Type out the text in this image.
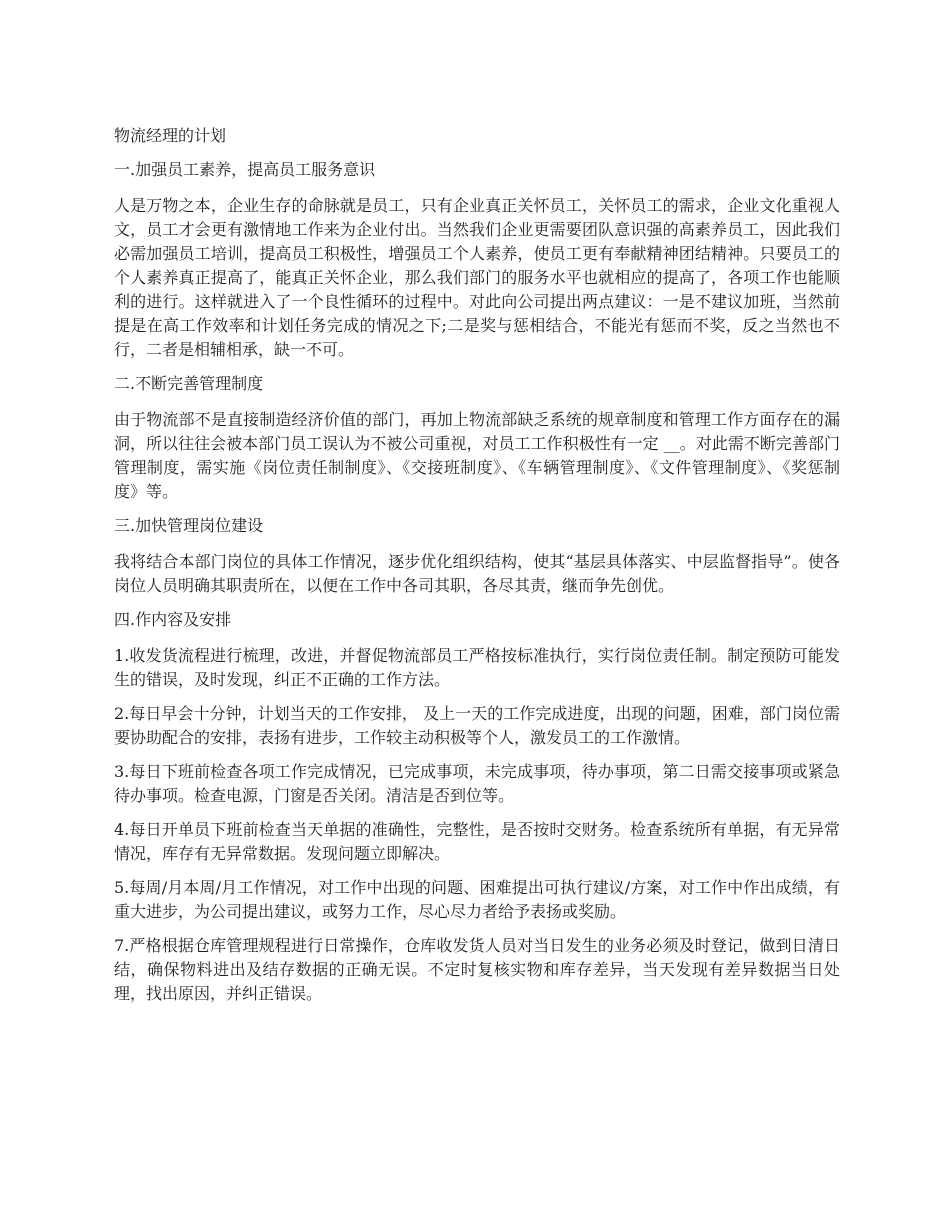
物流经理的计划

一.加强员工素养，提高员工服务意识

人是万物之本，企业生存的命脉就是员工，只有企业真正关怀员工，关怀员工的需求，企业文化重视人文，员工才会更有激情地工作来为企业付出。当然我们企业更需要团队意识强的高素养员工，因此我们必需加强员工培训，提高员工积极性，增强员工个人素养，使员工更有奉献精神团结精神。只要员工的个人素养真正提高了，能真正关怀企业，那么我们部门的服务水平也就相应的提高了，各项工作也能顺利的进行。这样就进入了一个良性循环的过程中。对此向公司提出两点建议：一是不建议加班，当然前提是在高工作效率和计划任务完成的情况之下;二是奖与惩相结合，不能光有惩而不奖，反之当然也不行，二者是相辅相承，缺一不可。

二.不断完善管理制度

由于物流部不是直接制造经济价值的部门，再加上物流部缺乏系统的规章制度和管理工作方面存在的漏洞，所以往往会被本部门员工误认为不被公司重视，对员工工作积极性有一定 __。对此需不断完善部门管理制度，需实施《岗位责任制制度》、《交接班制度》、《车辆管理制度》、《文件管理制度》、《奖惩制度》等。

三.加快管理岗位建设

我将结合本部门岗位的具体工作情况，逐步优化组织结构，使其“基层具体落实、中层监督指导”。使各岗位人员明确其职责所在，以便在工作中各司其职，各尽其责，继而争先创优。

四.作内容及安排

1.收发货流程进行梳理，改进，并督促物流部员工严格按标准执行，实行岗位责任制。制定预防可能发生的错误，及时发现，纠正不正确的工作方法。

2.每日早会十分钟，计划当天的工作安排， 及上一天的工作完成进度，出现的问题，困难，部门岗位需要协助配合的安排，表扬有进步，工作较主动积极等个人，激发员工的工作激情。

3.每日下班前检查各项工作完成情况，已完成事项，未完成事项，待办事项，第二日需交接事项或紧急待办事项。检查电源，门窗是否关闭。清洁是否到位等。

4.每日开单员下班前检查当天单据的准确性，完整性，是否按时交财务。检查系统所有单据，有无异常情况，库存有无异常数据。发现问题立即解决。

5.每周/月本周/月工作情况，对工作中出现的问题、困难提出可执行建议/方案，对工作中作出成绩，有重大进步，为公司提出建议，或努力工作，尽心尽力者给予表扬或奖励。

7.严格根据仓库管理规程进行日常操作，仓库收发货人员对当日发生的业务必须及时登记，做到日清日结，确保物料进出及结存数据的正确无误。不定时复核实物和库存差异，当天发现有差异数据当日处理，找出原因，并纠正错误。
